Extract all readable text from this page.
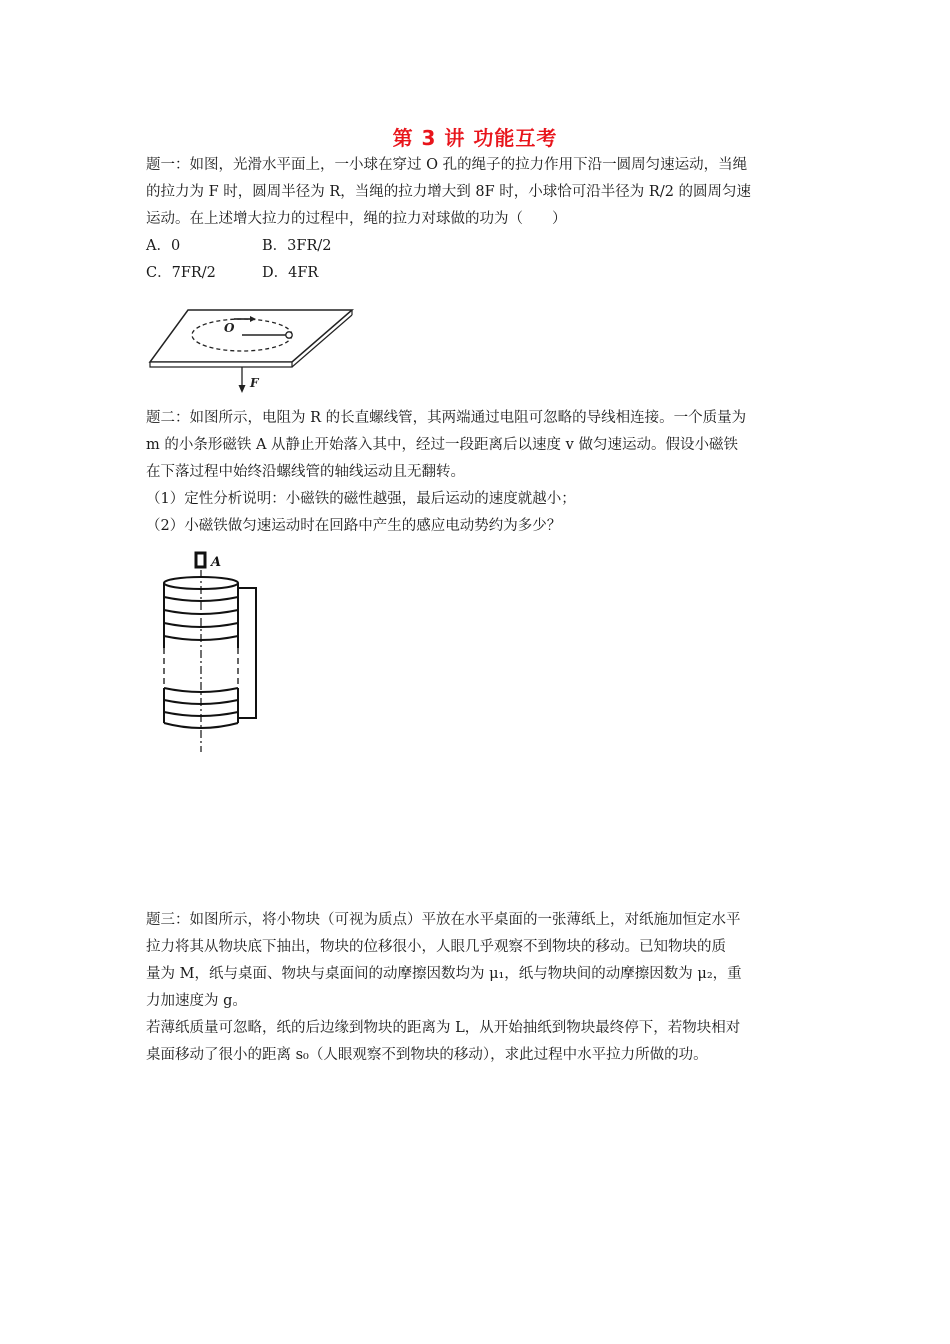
第 3 讲 功能互考
题一：如图，光滑水平面上，一小球在穿过 O 孔的绳子的拉力作用下沿一圆周匀速运动，当绳
的拉力为 F 时，圆周半径为 R，当绳的拉力增大到 8F 时，小球恰可沿半径为 R/2 的圆周匀速
运动。在上述增大拉力的过程中，绳的拉力对球做的功为（　　）
A．0	B．3FR/2
C．7FR/2	D．4FR
O
F
题二：如图所示，电阻为 R 的长直螺线管，其两端通过电阻可忽略的导线相连接。一个质量为
m 的小条形磁铁 A 从静止开始落入其中，经过一段距离后以速度 v 做匀速运动。假设小磁铁
在下落过程中始终沿螺线管的轴线运动且无翻转。
（1）定性分析说明：小磁铁的磁性越强，最后运动的速度就越小；
（2）小磁铁做匀速运动时在回路中产生的感应电动势约为多少？
A
题三：如图所示，将小物块（可视为质点）平放在水平桌面的一张薄纸上，对纸施加恒定水平
拉力将其从物块底下抽出，物块的位移很小，人眼几乎观察不到物块的移动。已知物块的质
量为 M，纸与桌面、物块与桌面间的动摩擦因数均为 μ₁，纸与物块间的动摩擦因数为 μ₂，重
力加速度为 g。
若薄纸质量可忽略，纸的后边缘到物块的距离为 L，从开始抽纸到物块最终停下，若物块相对
桌面移动了很小的距离 s₀（人眼观察不到物块的移动），求此过程中水平拉力所做的功。
